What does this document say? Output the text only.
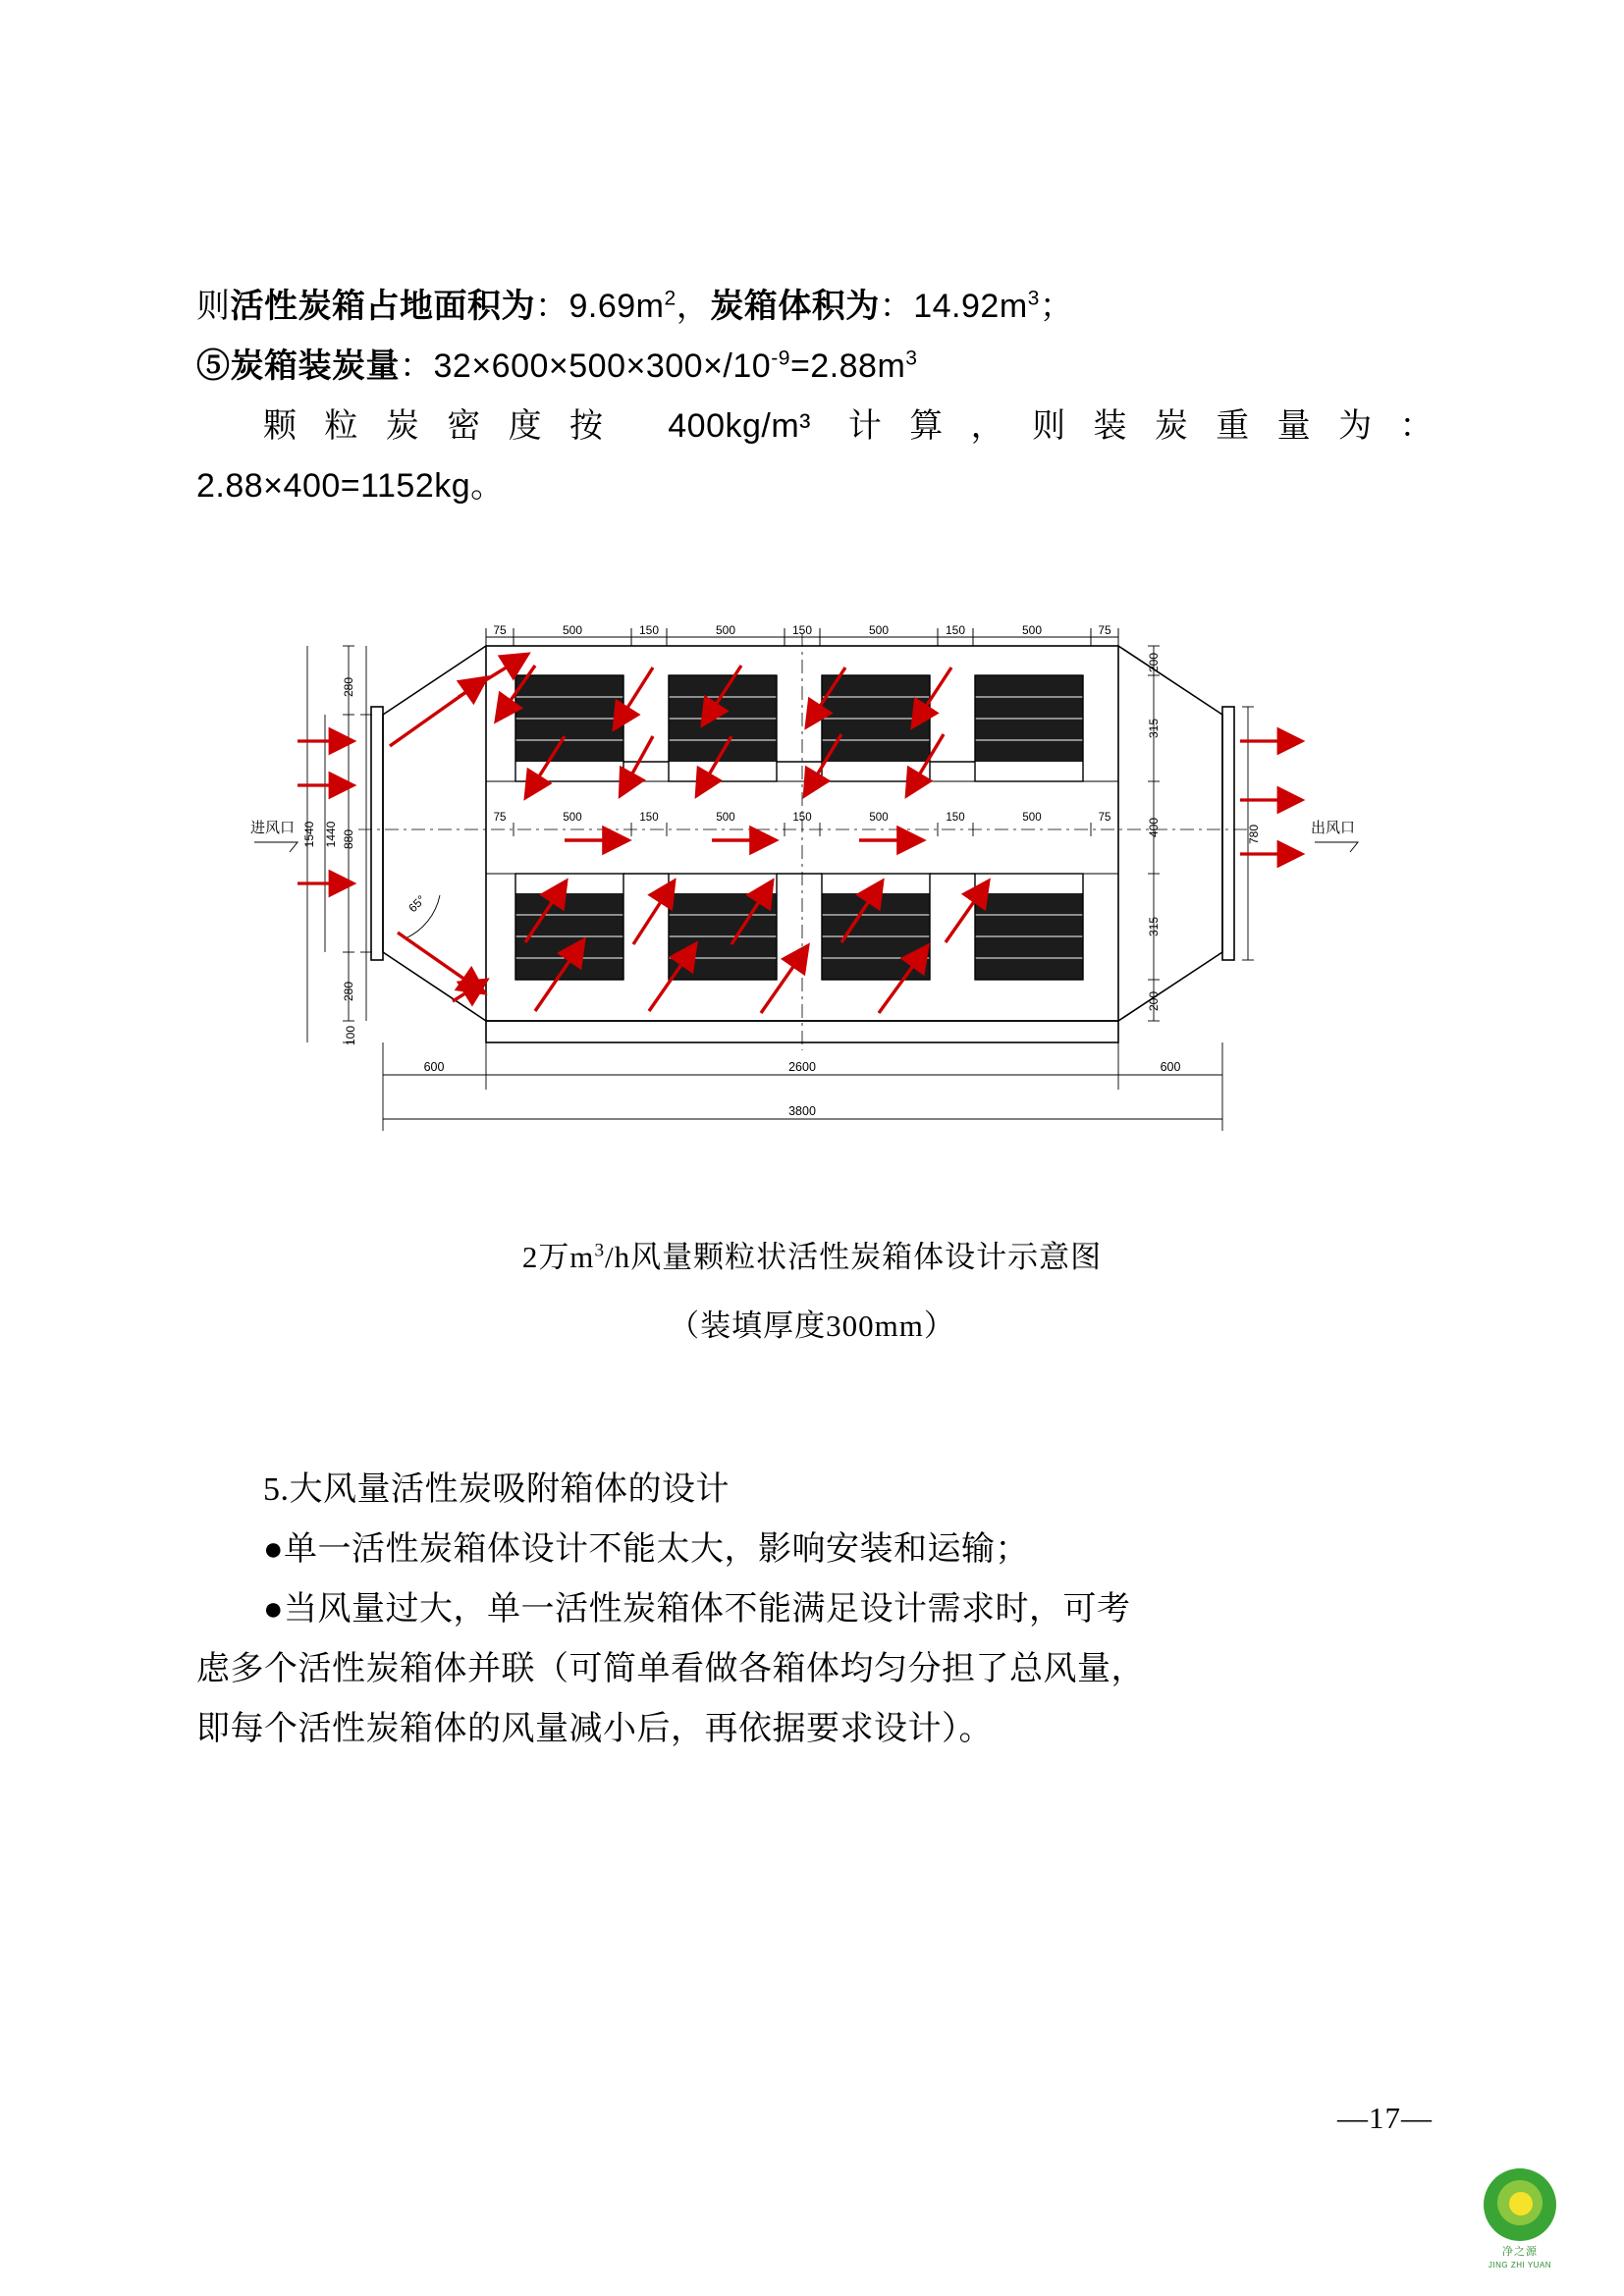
则活性炭箱占地面积为：$9.69m^2$，炭箱体积为：$14.92m^3$；

⑤炭箱装炭量：$32\times 600\times 500\times 300\times/10^{-9}=2.88m^3$

颗粒炭密度按 400kg/m³ 计算，则装炭重量为：

2.88×400=1152kg。

75	500	150	500	150	500	150	500	75
75	500	150	500	150	500	150	500	75
280
880
280
1440
1540
100
200
315
400
315
200
780
65°
600	2600	600
3800
进风口	出风口
2万$m^3/h$风量颗粒状活性炭箱体设计示意图
（装填厚度300mm）

5.大风量活性炭吸附箱体的设计

●单一活性炭箱体设计不能太大，影响安装和运输；

●当风量过大，单一活性炭箱体不能满足设计需求时，可考

虑多个活性炭箱体并联（可简单看做各箱体均匀分担了总风量，

即每个活性炭箱体的风量减小后，再依据要求设计）。

—17—
净之源
JING ZHI YUAN
